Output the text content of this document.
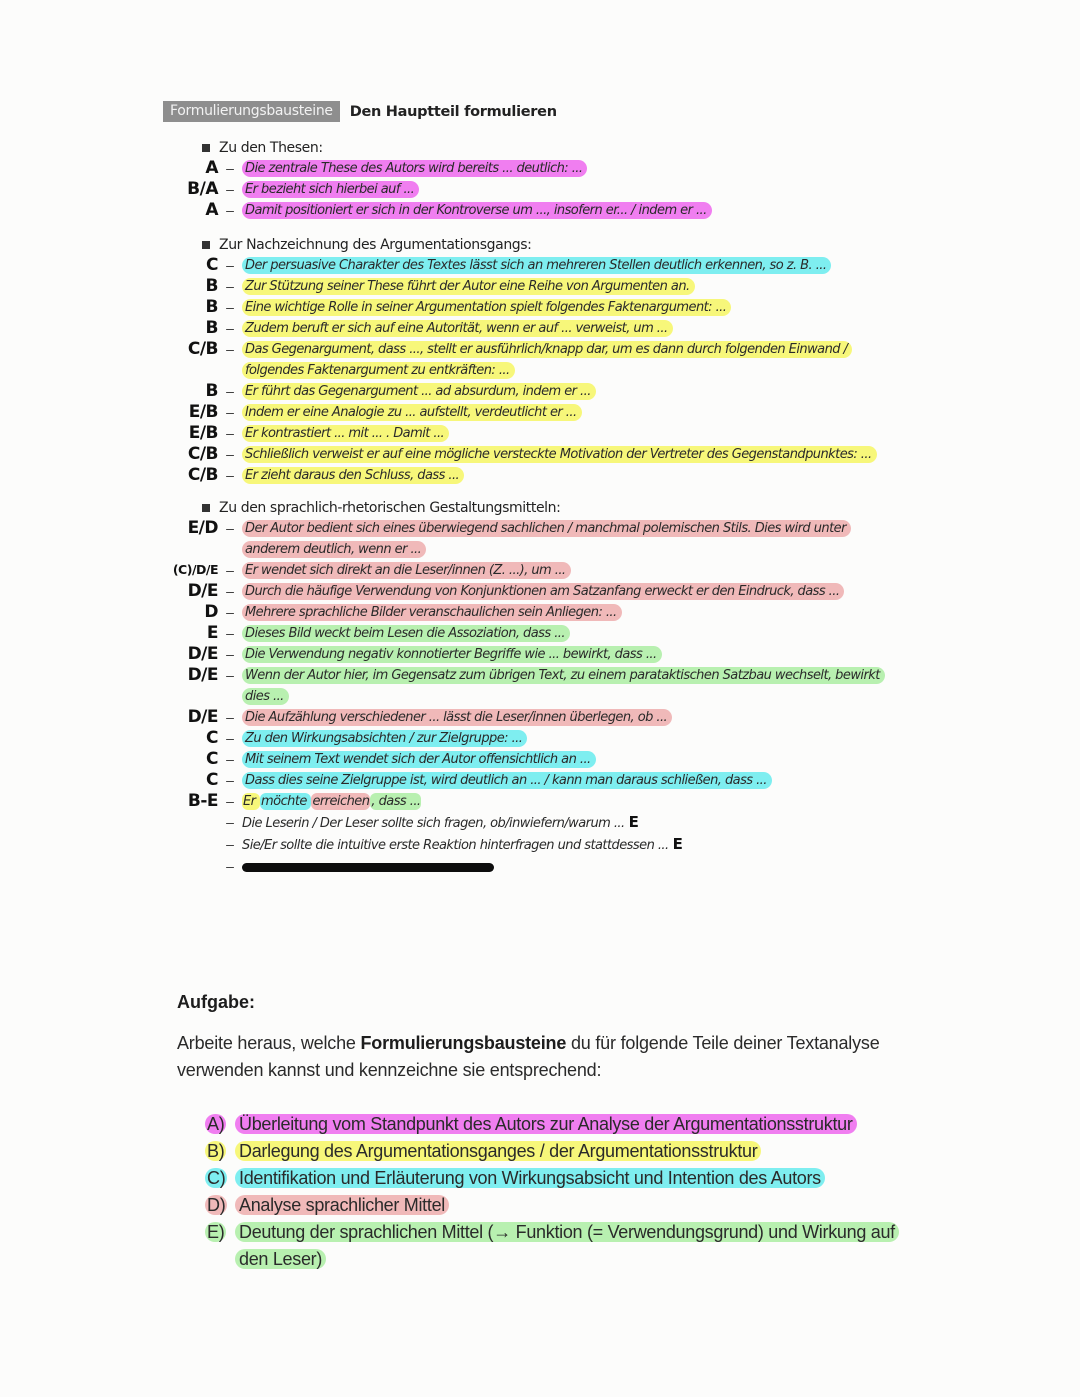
Formulierungsbausteine	Den Hauptteil formulieren
Zu den Thesen:
A – Die zentrale These des Autors wird bereits ... deutlich: ...
B/A – Er bezieht sich hierbei auf ...
A – Damit positioniert er sich in der Kontroverse um ..., insofern er... / indem er ...
Zur Nachzeichnung des Argumentationsgangs:
C – Der persuasive Charakter des Textes lässt sich an mehreren Stellen deutlich erkennen, so z. B. ...
B – Zur Stützung seiner These führt der Autor eine Reihe von Argumenten an.
B – Eine wichtige Rolle in seiner Argumentation spielt folgendes Faktenargument: ...
B – Zudem beruft er sich auf eine Autorität, wenn er auf ... verweist, um ...
C/B – Das Gegenargument, dass ..., stellt er ausführlich/knapp dar, um es dann durch folgenden Einwand / folgendes Faktenargument zu entkräften: ...
B – Er führt das Gegenargument ... ad absurdum, indem er ...
E/B – Indem er eine Analogie zu ... aufstellt, verdeutlicht er ...
E/B – Er kontrastiert ... mit ... . Damit ...
C/B – Schließlich verweist er auf eine mögliche versteckte Motivation der Vertreter des Gegenstandpunktes: ...
C/B – Er zieht daraus den Schluss, dass ...
Zu den sprachlich-rhetorischen Gestaltungsmitteln:
E/D – Der Autor bedient sich eines überwiegend sachlichen / manchmal polemischen Stils. Dies wird unter anderem deutlich, wenn er ...
(C)/D/E – Er wendet sich direkt an die Leser/innen (Z. ...), um ...
D/E – Durch die häufige Verwendung von Konjunktionen am Satzanfang erweckt er den Eindruck, dass ...
D – Mehrere sprachliche Bilder veranschaulichen sein Anliegen: ...
E – Dieses Bild weckt beim Lesen die Assoziation, dass ...
D/E – Die Verwendung negativ konnotierter Begriffe wie ... bewirkt, dass ...
D/E – Wenn der Autor hier, im Gegensatz zum übrigen Text, zu einem parataktischen Satzbau wechselt, bewirkt dies ...
D/E – Die Aufzählung verschiedener ... lässt die Leser/innen überlegen, ob ...
C – Zu den Wirkungsabsichten / zur Zielgruppe: ...
C – Mit seinem Text wendet sich der Autor offensichtlich an ...
C – Dass dies seine Zielgruppe ist, wird deutlich an ... / kann man daraus schließen, dass ...
B-E – Er möchte erreichen , dass ...
– Die Leserin / Der Leser sollte sich fragen, ob/inwiefern/warum ... E
– Sie/Er sollte die intuitive erste Reaktion hinterfragen und stattdessen ... E
–
Aufgabe:
Arbeite heraus, welche Formulierungsbausteine du für folgende Teile deiner Textanalyse verwenden kannst und kennzeichne sie entsprechend:
A) Überleitung vom Standpunkt des Autors zur Analyse der Argumentationsstruktur
B) Darlegung des Argumentationsganges / der Argumentationsstruktur
C) Identifikation und Erläuterung von Wirkungsabsicht und Intention des Autors
D) Analyse sprachlicher Mittel
E) Deutung der sprachlichen Mittel (→ Funktion (= Verwendungsgrund) und Wirkung auf den Leser)
